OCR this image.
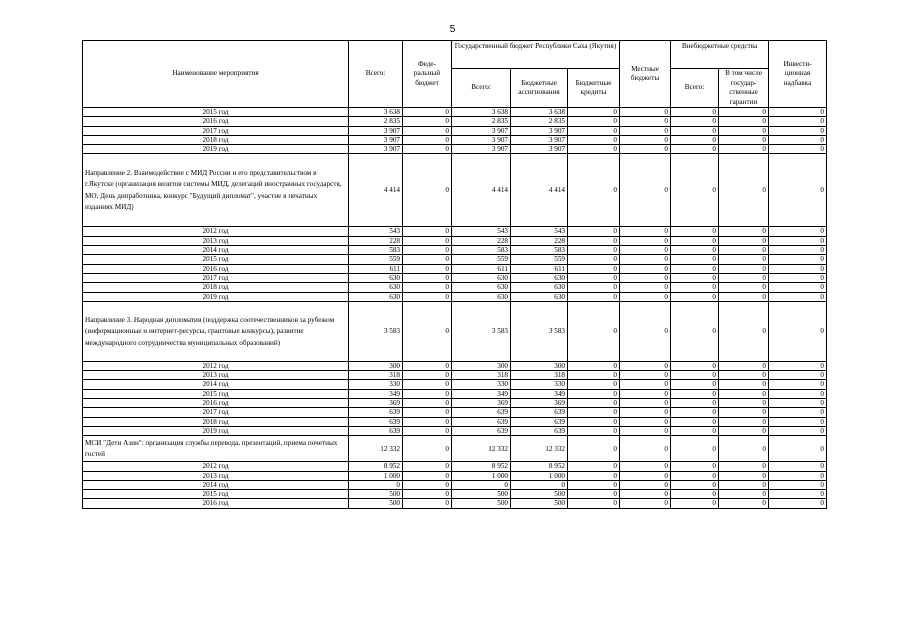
5
Наименование мероприятия	Всего:	Феде-ральный бюджет	Государственный бюджет Республики Саха (Якутия)			Местные бюджеты	Внебюджетные средства		Инвести-ционная надбавка
			Всего:	Бюджетные ассигнования	Бюджетные кредиты		Всего:	В том числе государ-ственные гарантии	
2015 год	3 638	0	3 638	3 638	0	0	0	0	0
2016 год	2 835	0	2 835	2 835	0	0	0	0	0
2017 год	3 907	0	3 907	3 907	0	0	0	0	0
2018 год	3 907	0	3 907	3 907	0	0	0	0	0
2019 год	3 907	0	3 907	3 907	0	0	0	0	0
Направление 2. Взаимодействие с МИД России и его представительством в г.Якутске (организация визитов системы МИД, делегаций иностранных государств, МО, День дипработника, конкурс "Будущий дипломат", участие в печатных изданиях МИД)	4 414	0	4 414	4 414	0	0	0	0	0
2012 год	543	0	543	543	0	0	0	0	0
2013 год	228	0	228	228	0	0	0	0	0
2014 год	583	0	583	583	0	0	0	0	0
2015 год	559	0	559	559	0	0	0	0	0
2016 год	611	0	611	611	0	0	0	0	0
2017 год	630	0	630	630	0	0	0	0	0
2018 год	630	0	630	630	0	0	0	0	0
2019 год	630	0	630	630	0	0	0	0	0
Направление 3. Народная дипломатия (поддержка соотечественников за рубежом (информационные и интернет-ресурсы, грантовые конкурсы), развитие международного сотрудничества муниципальных образований)	3 583	0	3 583	3 583	0	0	0	0	0
2012 год	300	0	300	300	0	0	0	0	0
2013 год	318	0	318	318	0	0	0	0	0
2014 год	330	0	330	330	0	0	0	0	0
2015 год	349	0	349	349	0	0	0	0	0
2016 год	369	0	369	369	0	0	0	0	0
2017 год	639	0	639	639	0	0	0	0	0
2018 год	639	0	639	639	0	0	0	0	0
2019 год	639	0	639	639	0	0	0	0	0
МСИ "Дети Азии": организация службы перевода, презентаций, приема почетных гостей	12 332	0	12 332	12 332	0	0	0	0	0
2012 год	8 952	0	8 952	8 952	0	0	0	0	0
2013 год	1 000	0	1 000	1 000	0	0	0	0	0
2014 год	0	0	0	0	0	0	0	0	0
2015 год	500	0	500	500	0	0	0	0	0
2016 год	500	0	500	500	0	0	0	0	0
